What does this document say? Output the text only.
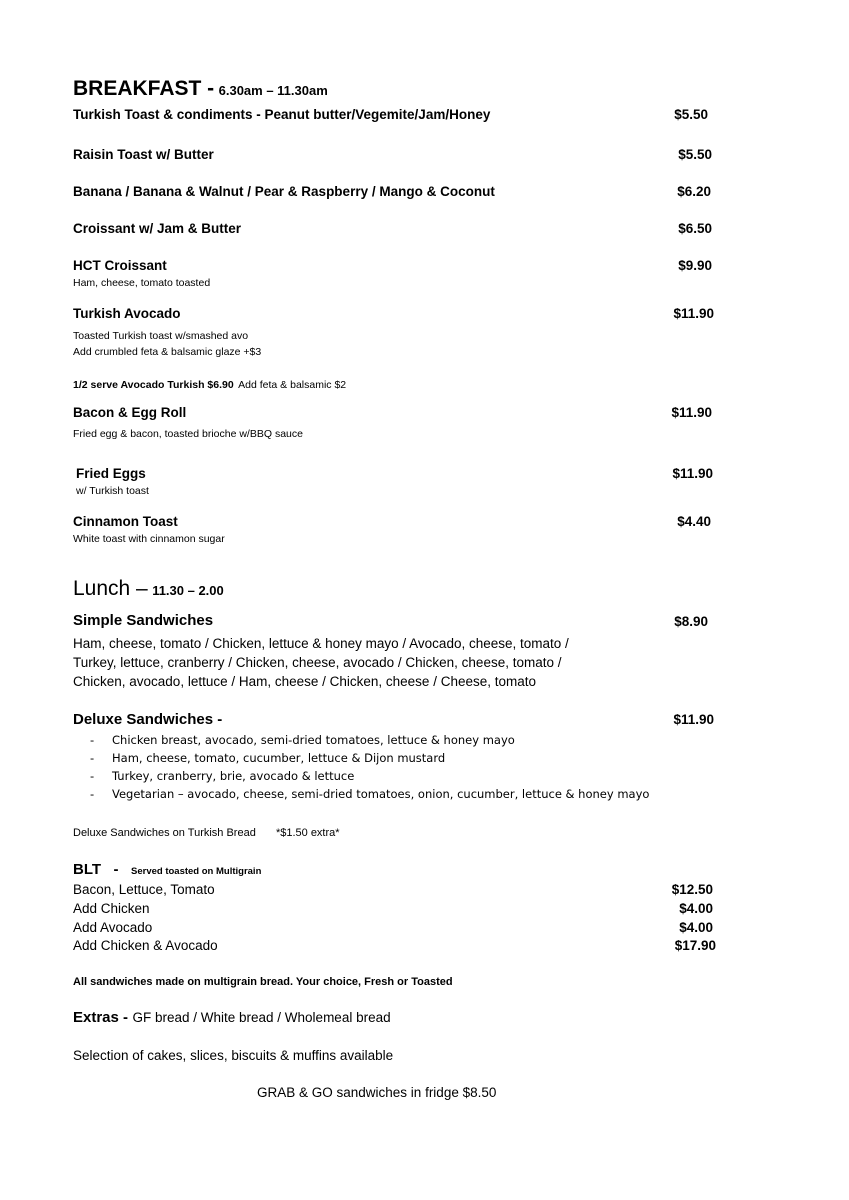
BREAKFAST - 6.30am – 11.30am
Turkish Toast & condiments - Peanut butter/Vegemite/Jam/Honey	$5.50
Raisin Toast w/ Butter	$5.50
Banana / Banana & Walnut / Pear & Raspberry / Mango & Coconut	$6.20
Croissant w/ Jam & Butter	$6.50
HCT Croissant	$9.90
Ham, cheese, tomato toasted
Turkish Avocado	$11.90
Toasted Turkish toast w/smashed avo
Add crumbled feta & balsamic glaze +$3
1/2 serve Avocado Turkish $6.90 Add feta & balsamic $2
Bacon & Egg Roll	$11.90
Fried egg & bacon, toasted brioche w/BBQ sauce
Fried Eggs	$11.90
w/ Turkish toast
Cinnamon Toast	$4.40
White toast with cinnamon sugar
Lunch – 11.30 – 2.00
Simple Sandwiches	$8.90
Ham, cheese, tomato / Chicken, lettuce & honey mayo / Avocado, cheese, tomato /
Turkey, lettuce, cranberry / Chicken, cheese, avocado / Chicken, cheese, tomato /
Chicken, avocado, lettuce / Ham, cheese / Chicken, cheese / Cheese, tomato
Deluxe Sandwiches -	$11.90
- Chicken breast, avocado, semi-dried tomatoes, lettuce & honey mayo
- Ham, cheese, tomato, cucumber, lettuce & Dijon mustard
- Turkey, cranberry, brie, avocado & lettuce
- Vegetarian – avocado, cheese, semi-dried tomatoes, onion, cucumber, lettuce & honey mayo
Deluxe Sandwiches on Turkish Bread *$1.50 extra*
BLT   - Served toasted on Multigrain
Bacon, Lettuce, Tomato	$12.50
Add Chicken	$4.00
Add Avocado	$4.00
Add Chicken & Avocado	$17.90
All sandwiches made on multigrain bread. Your choice, Fresh or Toasted
Extras - GF bread / White bread / Wholemeal bread
Selection of cakes, slices, biscuits & muffins available
GRAB & GO sandwiches in fridge $8.50
